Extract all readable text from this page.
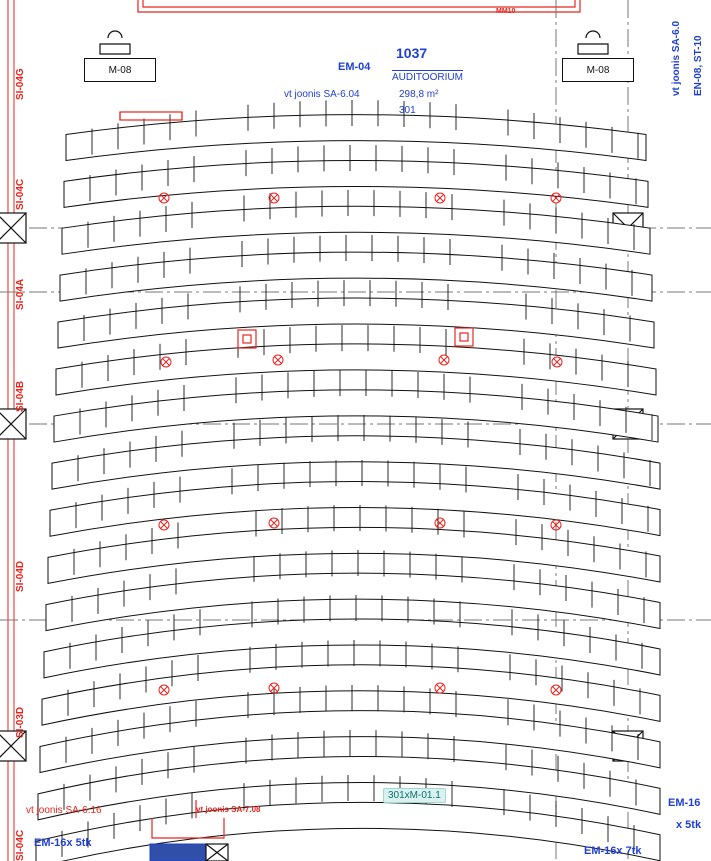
M-08	M-08
1037
AUDITOORIUM
MM10
EM-04
vt joonis SA-6.04	298,8 m²
301
vt joonis SA-6.16	vt joonis SA-7.08
EM-16x 5tk
EM-16x 7tk
EM-16
x 5tk
SI-04G
SI-04C
SI-04A
SI-04B
SI-04D
SI-03D
SI-04C
vt joonis SA-6.0 EN-08, ST-10
301xM-01.1
